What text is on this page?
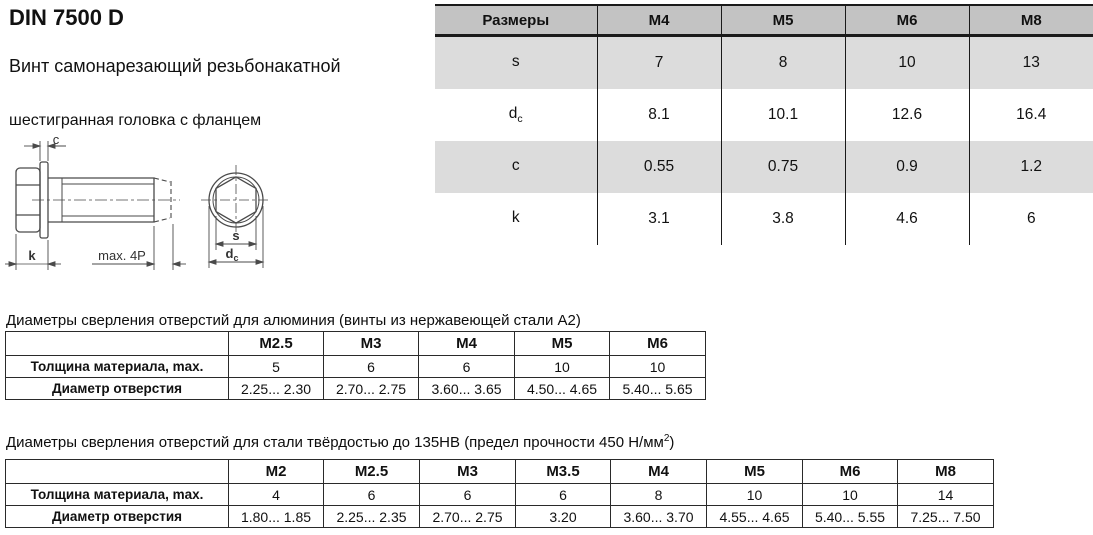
DIN 7500 D
Винт самонарезающий резьбонакатной
шестигранная головка с фланцем
c
k	max. 4P
s
$d_c$
Размеры	M4	M5	M6	M8
s	7	8	10	13
$d_c$	8.1	10.1	12.6	16.4
c	0.55	0.75	0.9	1.2
k	3.1	3.8	4.6	6
Диаметры сверления отверстий для алюминия (винты из нержавеющей стали А2)
	M2.5	M3	M4	M5	M6
Толщина материала, max.	5	6	6	10	10
Диаметр отверстия	2.25... 2.30	2.70... 2.75	3.60... 3.65	4.50... 4.65	5.40... 5.65
Диаметры сверления отверстий для стали твёрдостью до 135HB (предел прочности 450 $Н/мм^2$)
	M2	M2.5	M3	M3.5	M4	M5	M6	M8
Толщина материала, max.	4	6	6	6	8	10	10	14
Диаметр отверстия	1.80... 1.85	2.25... 2.35	2.70... 2.75	3.20	3.60... 3.70	4.55... 4.65	5.40... 5.55	7.25... 7.50
